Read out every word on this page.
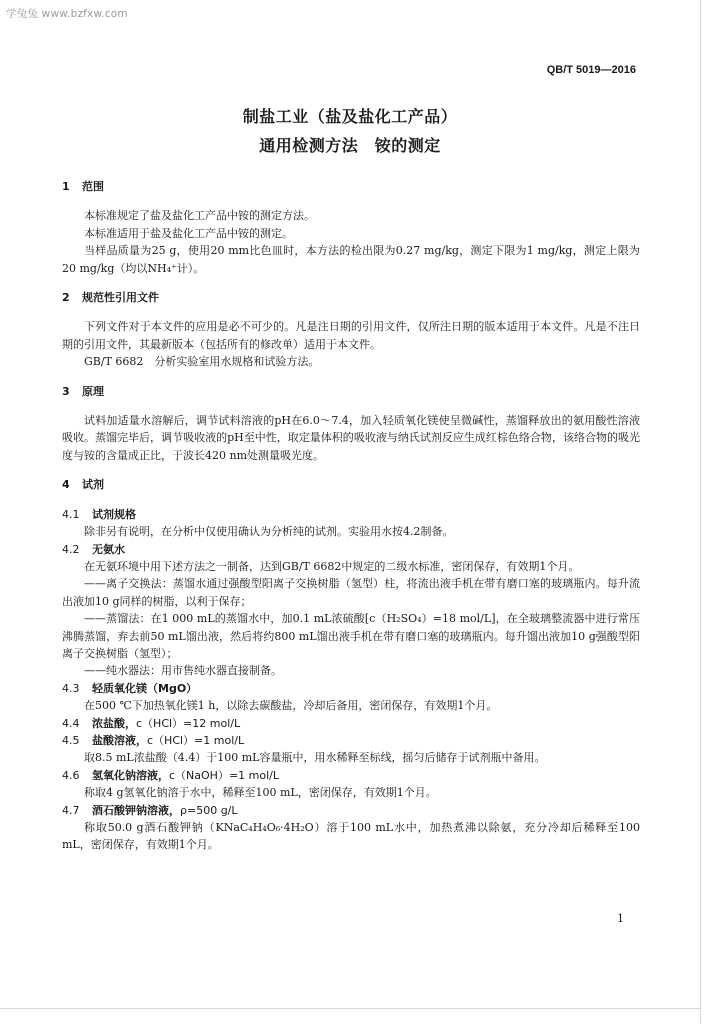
学兔兔 www.bzfxw.com
QB/T 5019—2016
制盐工业（盐及盐化工产品）
通用检测方法　铵的测定
1 范围
本标准规定了盐及盐化工产品中铵的测定方法。
本标准适用于盐及盐化工产品中铵的测定。
当样品质量为25 g，使用20 mm比色皿时，本方法的检出限为0.27 mg/kg，测定下限为1 mg/kg，测定上限为20 mg/kg（均以NH₄⁺计）。
2 规范性引用文件
下列文件对于本文件的应用是必不可少的。凡是注日期的引用文件，仅所注日期的版本适用于本文件。凡是不注日期的引用文件，其最新版本（包括所有的修改单）适用于本文件。
GB/T 6682　分析实验室用水规格和试验方法。
3 原理
试料加适量水溶解后，调节试料溶液的pH在6.0～7.4，加入轻质氧化镁使呈微碱性，蒸馏释放出的氨用酸性溶液吸收。蒸馏完毕后，调节吸收液的pH至中性，取定量体积的吸收液与纳氏试剂反应生成红棕色络合物，该络合物的吸光度与铵的含量成正比，于波长420 nm处测量吸光度。
4 试剂
4.1 试剂规格
除非另有说明，在分析中仅使用确认为分析纯的试剂。实验用水按4.2制备。
4.2 无氨水
在无氨环境中用下述方法之一制备，达到GB/T 6682中规定的二级水标准，密闭保存，有效期1个月。
——离子交换法：蒸馏水通过强酸型阳离子交换树脂（氢型）柱，将流出液手机在带有磨口塞的玻璃瓶内。每升流出液加10 g同样的树脂，以利于保存；
——蒸馏法：在1 000 mL的蒸馏水中，加0.1 mL浓硫酸[c（H₂SO₄）=18 mol/L]，在全玻璃整流器中进行常压沸腾蒸馏，弃去前50 mL馏出液，然后将约800 mL馏出液手机在带有磨口塞的玻璃瓶内。每升馏出液加10 g强酸型阳离子交换树脂（氢型）；
——纯水器法：用市售纯水器直接制备。
4.3 轻质氧化镁（MgO）
在500 ℃下加热氧化镁1 h，以除去碳酸盐，冷却后备用，密闭保存，有效期1个月。
4.4 浓盐酸，c（HCl）=12 mol/L
4.5 盐酸溶液，c（HCl）=1 mol/L
取8.5 mL浓盐酸（4.4）于100 mL容量瓶中，用水稀释至标线，摇匀后储存于试剂瓶中备用。
4.6 氢氧化钠溶液，c（NaOH）=1 mol/L
称取4 g氢氧化钠溶于水中，稀释至100 mL，密闭保存，有效期1个月。
4.7 酒石酸钾钠溶液，ρ=500 g/L
称取50.0 g酒石酸钾钠（KNaC₄H₄O₆·4H₂O）溶于100 mL水中，加热煮沸以除氨，充分冷却后稀释至100 mL，密闭保存，有效期1个月。
1
